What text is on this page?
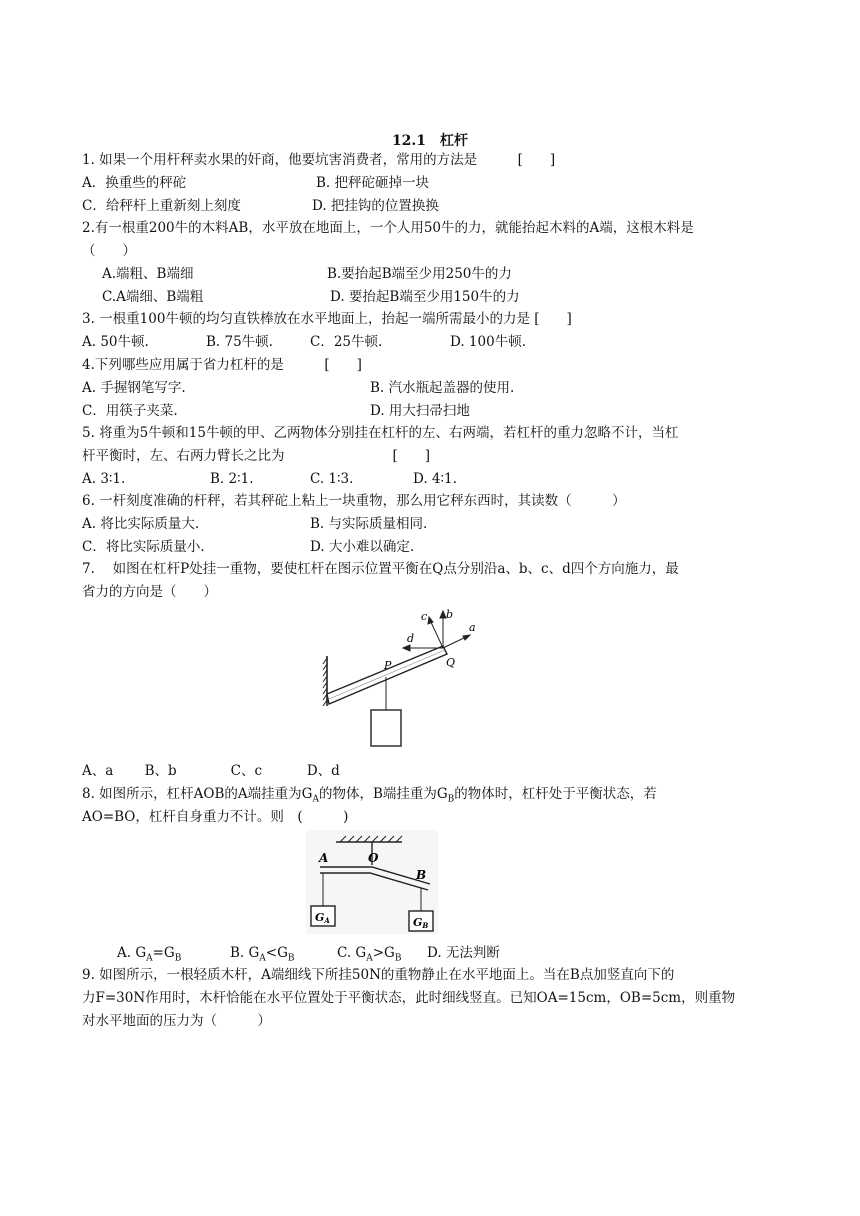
12.1　杠杆
1. 如果一个用杆秤卖水果的奸商，他要坑害消费者，常用的方法是　　　[　　]
A．换重些的秤砣	B. 把秤砣砸掉一块
C．给秤杆上重新刻上刻度	D. 把挂钩的位置换换
2.有一根重200牛的木料AB，水平放在地面上，一个人用50牛的力，就能抬起木料的A端，这根木料是
（　　）
A.端粗、B端细	B.要抬起B端至少用250牛的力
C.A端细、B端粗	D. 要抬起B端至少用150牛的力
3. 一根重100牛顿的均匀直铁棒放在水平地面上，抬起一端所需最小的力是 [　　]
A. 50牛顿.	B. 75牛顿.	C．25牛顿.	D. 100牛顿.
4.下列哪些应用属于省力杠杆的是　　　[　　]
A. 手握钢笔写字.	B. 汽水瓶起盖器的使用.
C．用筷子夹菜.	D. 用大扫帚扫地
5. 将重为5牛顿和15牛顿的甲、乙两物体分别挂在杠杆的左、右两端，若杠杆的重力忽略不计，当杠
杆平衡时，左、右两力臂长之比为　　　　　　　　[　　]
A. 3∶1.	B. 2∶1.	C. 1∶3.	D. 4∶1.
6. 一杆刻度准确的杆秤，若其秤砣上粘上一块重物，那么用它秤东西时，其读数（　　　）
A. 将比实际质量大.	B. 与实际质量相同.
C．将比实际质量小.	D. 大小难以确定.
7.　 如图在杠杆P处挂一重物，要使杠杆在图示位置平衡在Q点分别沿a、b、c、d四个方向施力，最
省力的方向是（　　）
P	Q
a
b
c
d
A、a　　 B、b　　　　C、c　　　 D、d
8. 如图所示，杠杆AOB的A端挂重为$G_A$的物体，B端挂重为$G_B$的物体时，杠杆处于平衡状态，若
AO=BO，杠杆自身重力不计。则　(　　　)
A	O
B
GA	GB
A. $G_A=G_B$	B. $G_A<G_B$	C. $G_A>G_B$ D. 无法判断
9. 如图所示，一根轻质木杆，A端细线下所挂50N的重物静止在水平地面上。当在B点加竖直向下的
力F=30N作用时，木杆恰能在水平位置处于平衡状态，此时细线竖直。已知OA=15cm，OB=5cm，则重物
对水平地面的压力为（　　　）
